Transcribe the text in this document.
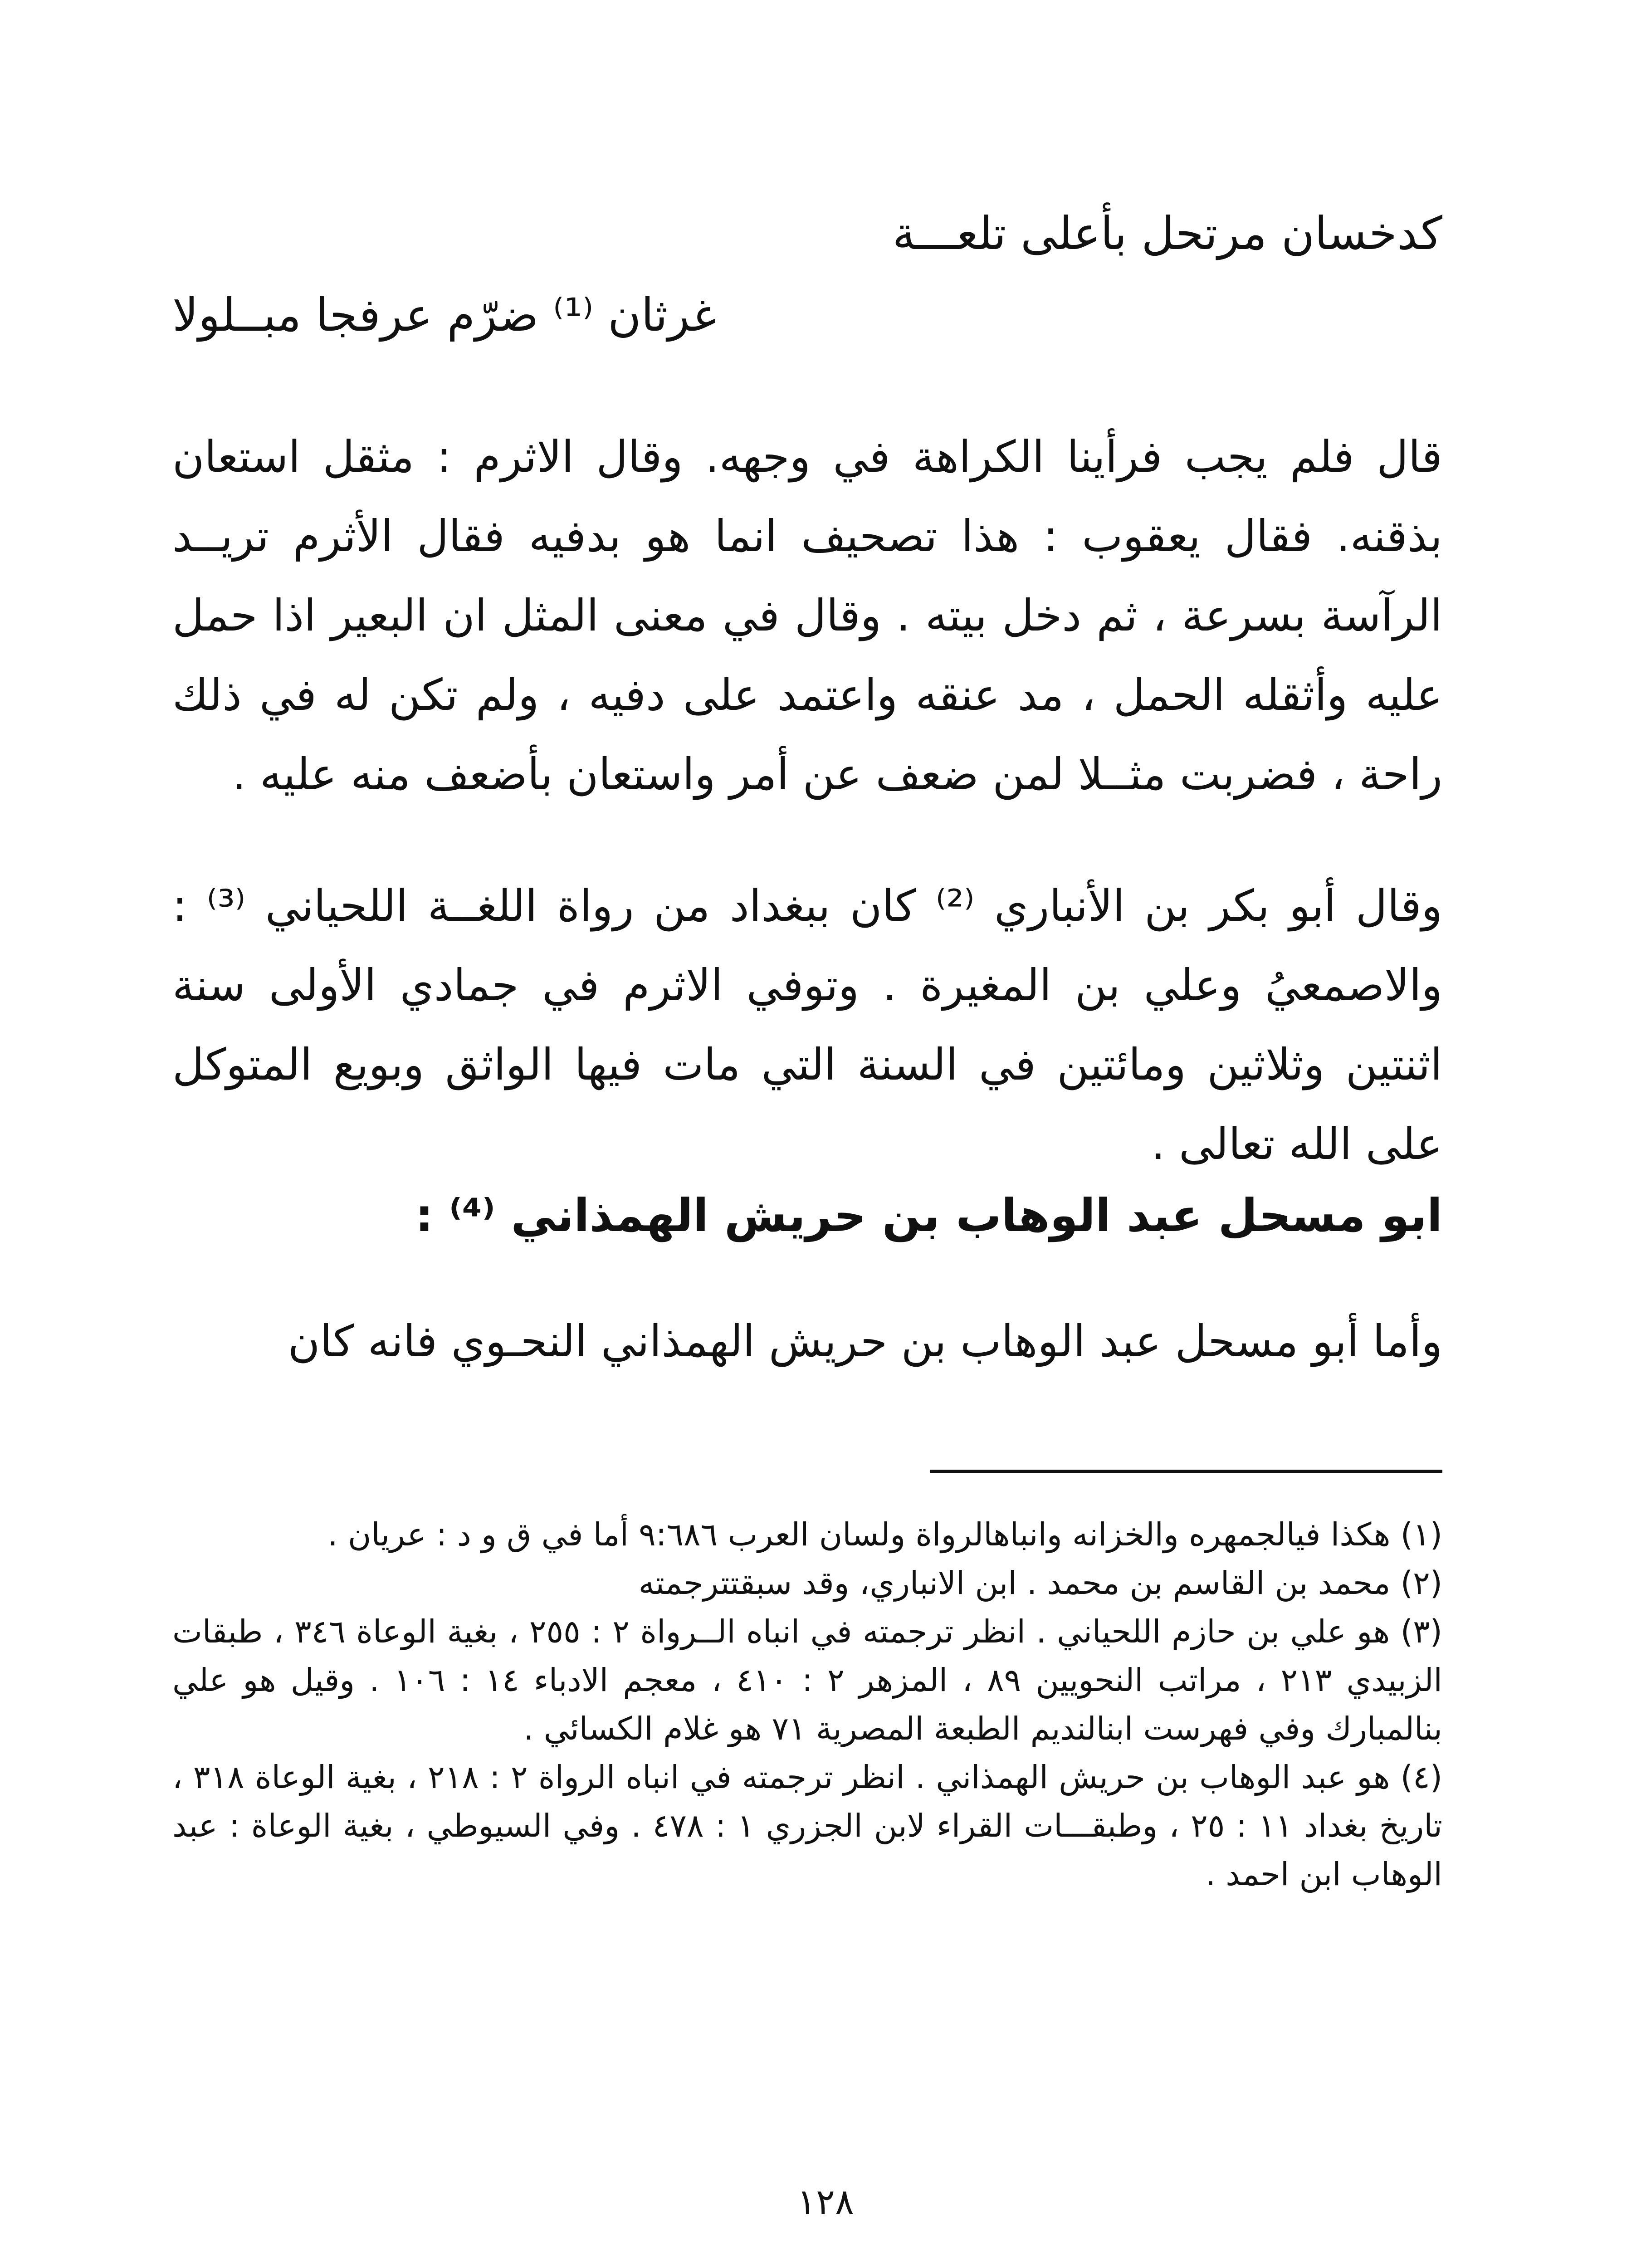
كدخسان مرتحل بأعلى تلعـــة
غرثان ⁽¹⁾ ضرّم عرفجا مبــلولا
قال فلم يجب فرأينا الكراهة في وجهه. وقال الاثرم : مثقل استعان بذقنه. فقال يعقوب : هذا تصحيف انما هو بدفيه فقال الأثرم تريــد الرآسة بسرعة ، ثم دخل بيته . وقال في معنى المثل ان البعير اذا حمل عليه وأثقله الحمل ، مد عنقه واعتمد على دفيه ، ولم تكن له في ذلك راحة ، فضربت مثــلا لمن ضعف عن أمر واستعان بأضعف منه عليه .
وقال أبو بكر بن الأنباري ⁽²⁾ كان ببغداد من رواة اللغــة اللحياني ⁽³⁾ : والاصمعيُ وعلي بن المغيرة . وتوفي الاثرم في جمادي الأولى سنة اثنتين وثلاثين ومائتين في السنة التي مات فيها الواثق وبويع المتوكل على الله تعالى .
ابو مسحل عبد الوهاب بن حريش الهمذاني ⁽⁴⁾ :
وأما أبو مسحل عبد الوهاب بن حريش الهمذاني النحـوي فانه كان

(١) هكذا فيالجمهره والخزانه وانباهالرواة ولسان العرب ٩:٦٨٦ أما في ق و د : عريان .

(٢) محمد بن القاسم بن محمد . ابن الانباري، وقد سبقتترجمته

(٣) هو علي بن حازم اللحياني . انظر ترجمته في انباه الــرواة ٢ : ٢٥٥ ، بغية الوعاة ٣٤٦ ، طبقات الزبيدي ٢١٣ ، مراتب النحويين ٨٩ ، المزهر ٢ : ٤١٠ ، معجم الادباء ١٤ : ١٠٦ . وقيل هو علي بنالمبارك وفي فهرست ابنالنديم الطبعة المصرية ٧١ هو غلام الكسائي .

(٤) هو عبد الوهاب بن حريش الهمذاني . انظر ترجمته في انباه الرواة ٢ : ٢١٨ ، بغية الوعاة ٣١٨ ، تاريخ بغداد ١١ : ٢٥ ، وطبقـــات القراء لابن الجزري ١ : ٤٧٨ . وفي السيوطي ، بغية الوعاة : عبد الوهاب ابن احمد .

١٢٨
